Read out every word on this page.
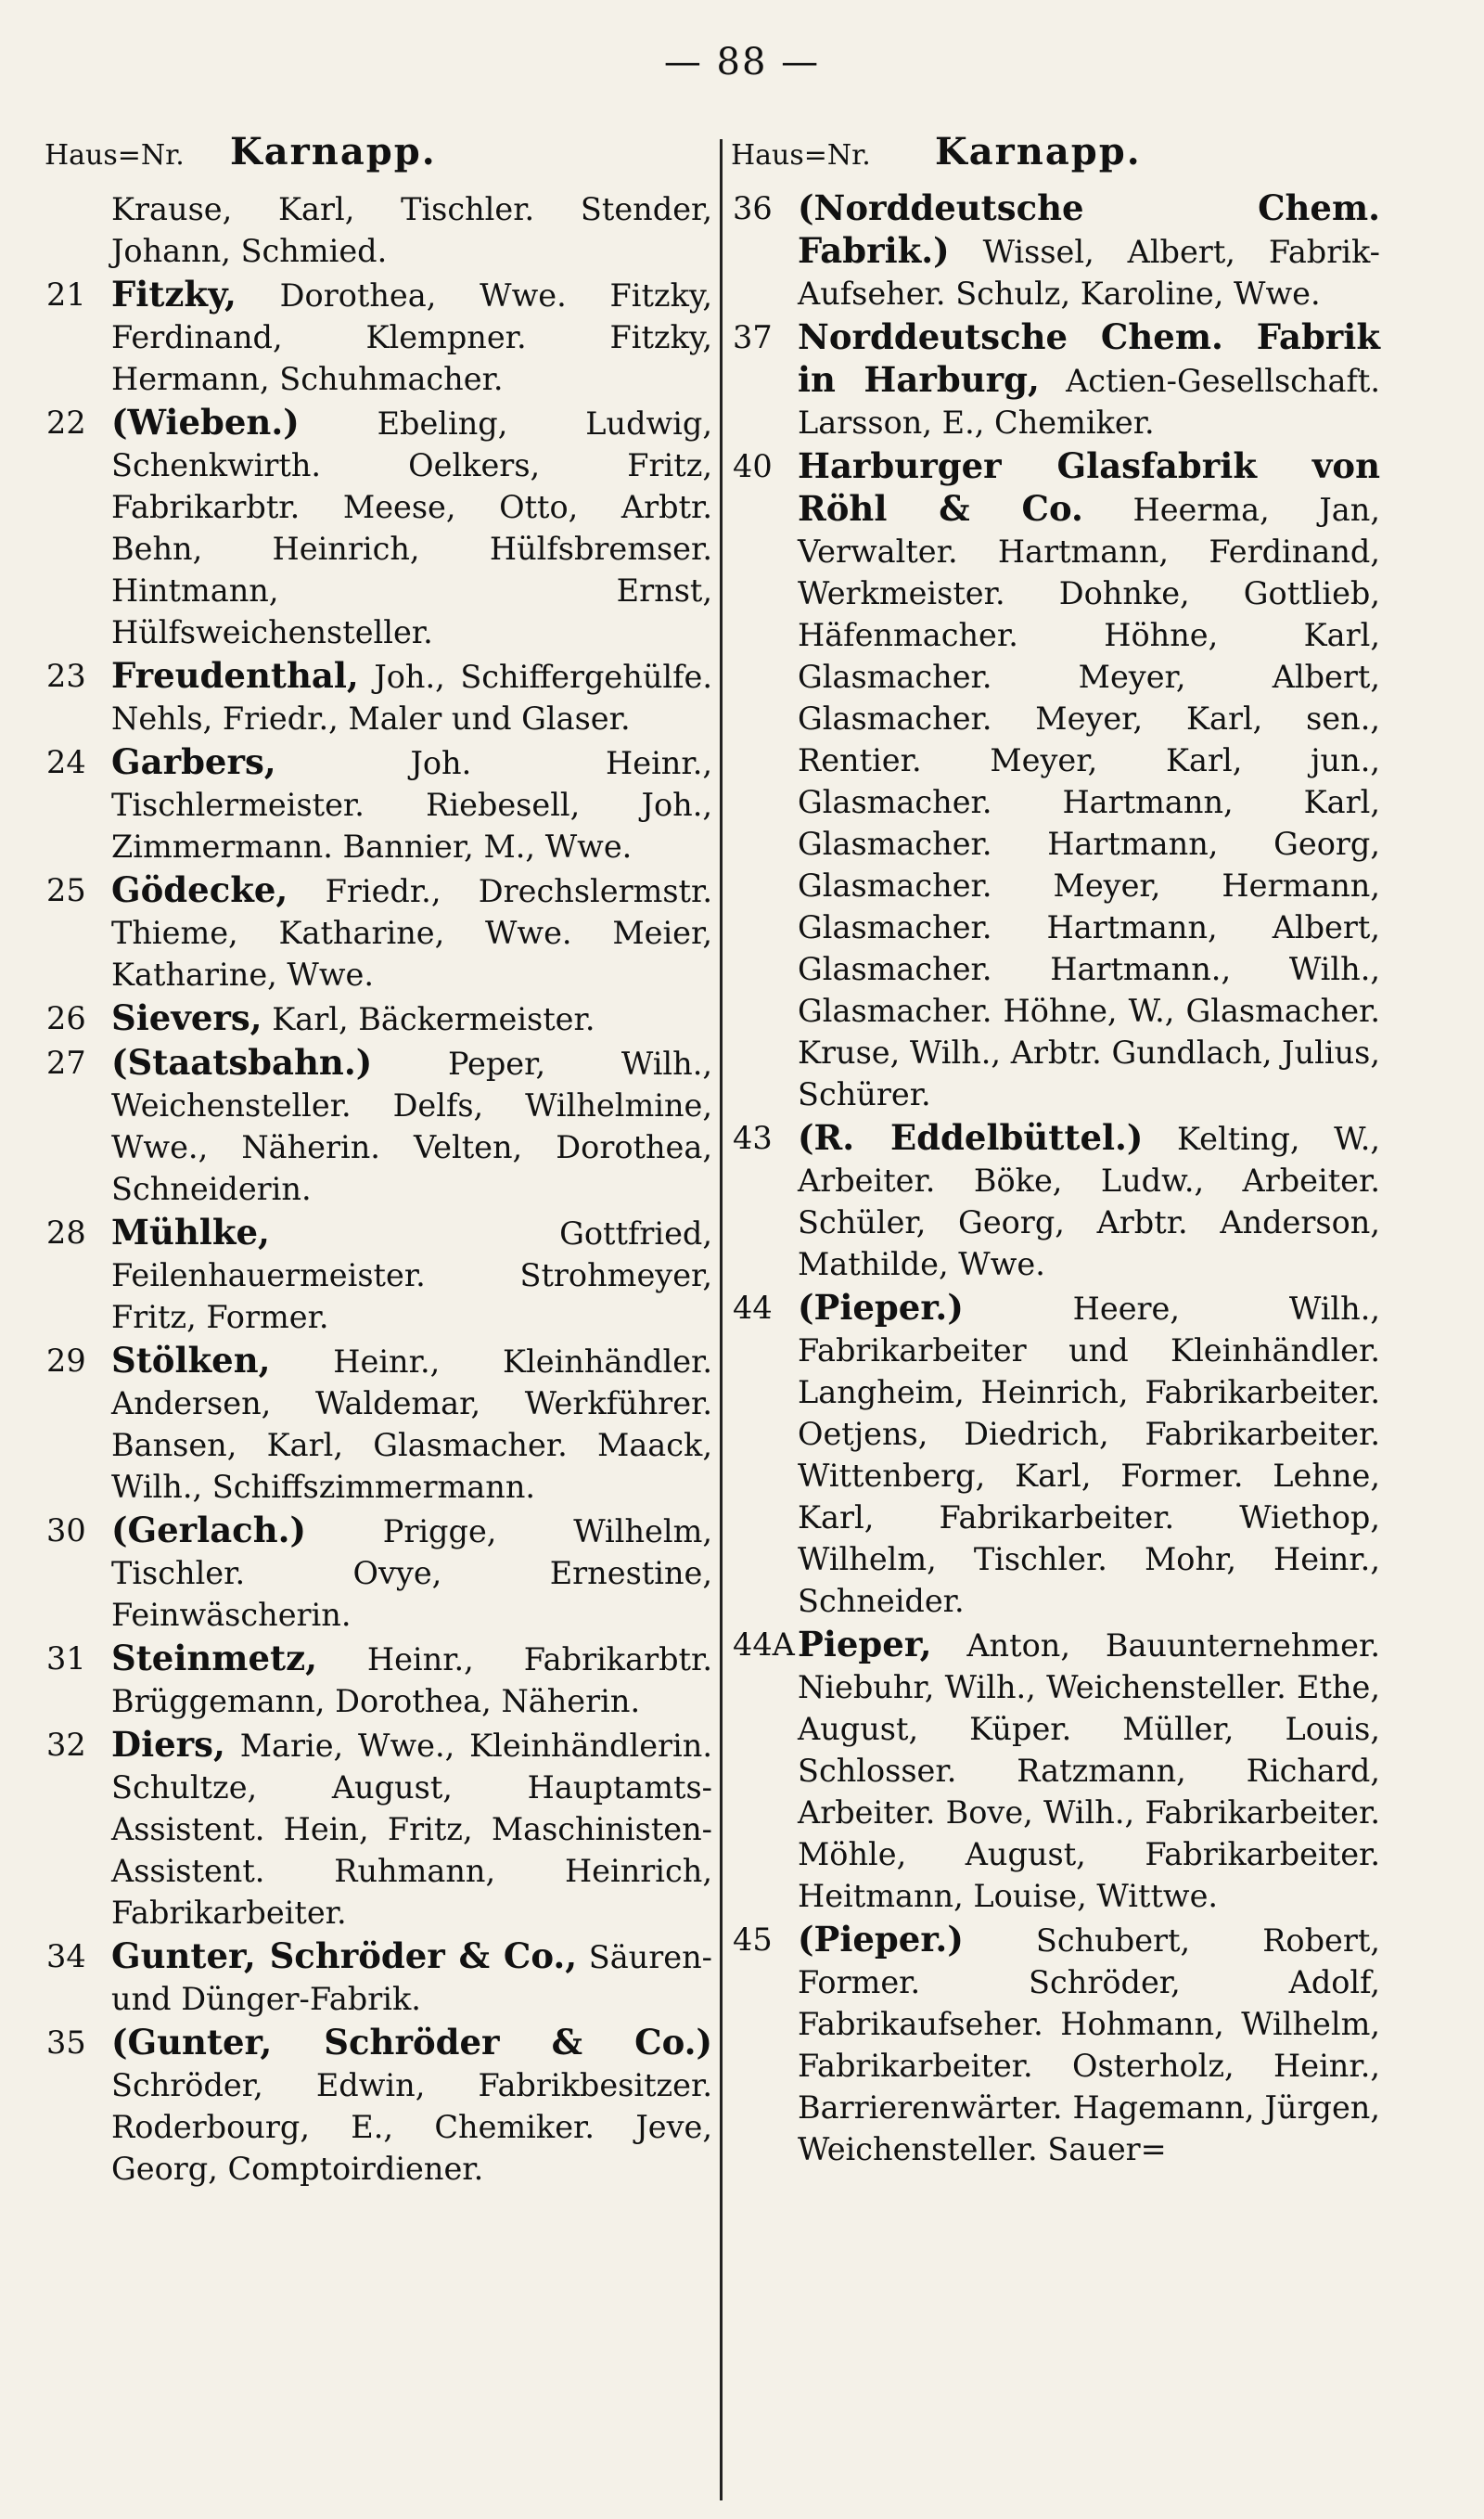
— 88 —
Haus=Nr. Karnapp.
Krause, Karl, Tischler. Stender, Johann, Schmied.
21 Fitzky, Dorothea, Wwe. Fitzky, Ferdinand, Klempner. Fitzky, Hermann, Schuhmacher.
22 (Wieben.) Ebeling, Ludwig, Schenkwirth. Oelkers, Fritz, Fabrikarbtr. Meese, Otto, Arbtr. Behn, Heinrich, Hülfsbremser. Hintmann, Ernst, Hülfsweichensteller.
23 Freudenthal, Joh., Schiffergehülfe. Nehls, Friedr., Maler und Glaser.
24 Garbers, Joh. Heinr., Tischlermeister. Riebesell, Joh., Zimmermann. Bannier, M., Wwe.
25 Gödecke, Friedr., Drechslermstr. Thieme, Katharine, Wwe. Meier, Katharine, Wwe.
26 Sievers, Karl, Bäckermeister.
27 (Staatsbahn.) Peper, Wilh., Weichensteller. Delfs, Wilhelmine, Wwe., Näherin. Velten, Dorothea, Schneiderin.
28 Mühlke, Gottfried, Feilenhauermeister. Strohmeyer, Fritz, Former.
29 Stölken, Heinr., Kleinhändler. Andersen, Waldemar, Werkführer. Bansen, Karl, Glasmacher. Maack, Wilh., Schiffszimmermann.
30 (Gerlach.) Prigge, Wilhelm, Tischler. Ovye, Ernestine, Feinwäscherin.
31 Steinmetz, Heinr., Fabrikarbtr. Brüggemann, Dorothea, Näherin.
32 Diers, Marie, Wwe., Kleinhändlerin. Schultze, August, Hauptamts-Assistent. Hein, Fritz, Maschinisten-Assistent. Ruhmann, Heinrich, Fabrikarbeiter.
34 Gunter, Schröder & Co., Säuren- und Dünger-Fabrik.
35 (Gunter, Schröder & Co.) Schröder, Edwin, Fabrikbesitzer. Roderbourg, E., Chemiker. Jeve, Georg, Comptoirdiener.
Haus=Nr. Karnapp.
36 (Norddeutsche Chem. Fabrik.) Wissel, Albert, Fabrik-Aufseher. Schulz, Karoline, Wwe.
37 Norddeutsche Chem. Fabrik in Harburg, Actien-Gesellschaft. Larsson, E., Chemiker.
40 Harburger Glasfabrik von Röhl & Co. Heerma, Jan, Verwalter. Hartmann, Ferdinand, Werkmeister. Dohnke, Gottlieb, Häfenmacher. Höhne, Karl, Glasmacher. Meyer, Albert, Glasmacher. Meyer, Karl, sen., Rentier. Meyer, Karl, jun., Glasmacher. Hartmann, Karl, Glasmacher. Hartmann, Georg, Glasmacher. Meyer, Hermann, Glasmacher. Hartmann, Albert, Glasmacher. Hartmann., Wilh., Glasmacher. Höhne, W., Glasmacher. Kruse, Wilh., Arbtr. Gundlach, Julius, Schürer.
43 (R. Eddelbüttel.) Kelting, W., Arbeiter. Böke, Ludw., Arbeiter. Schüler, Georg, Arbtr. Anderson, Mathilde, Wwe.
44 (Pieper.) Heere, Wilh., Fabrikarbeiter und Kleinhändler. Langheim, Heinrich, Fabrikarbeiter. Oetjens, Diedrich, Fabrikarbeiter. Wittenberg, Karl, Former. Lehne, Karl, Fabrikarbeiter. Wiethop, Wilhelm, Tischler. Mohr, Heinr., Schneider.
44A Pieper, Anton, Bauunternehmer. Niebuhr, Wilh., Weichensteller. Ethe, August, Küper. Müller, Louis, Schlosser. Ratzmann, Richard, Arbeiter. Bove, Wilh., Fabrikarbeiter. Möhle, August, Fabrikarbeiter. Heitmann, Louise, Wittwe.
45 (Pieper.) Schubert, Robert, Former. Schröder, Adolf, Fabrikaufseher. Hohmann, Wilhelm, Fabrikarbeiter. Osterholz, Heinr., Barrierenwärter. Hagemann, Jürgen, Weichensteller. Sauer=
